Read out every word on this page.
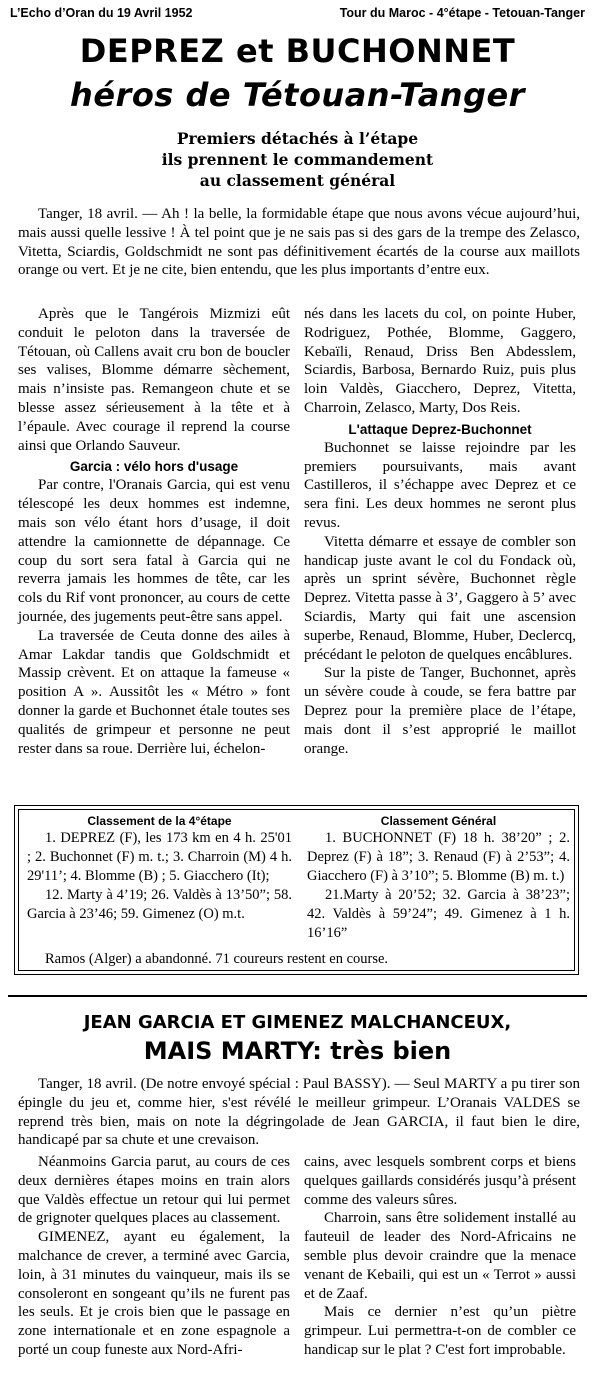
L’Echo d’Oran du 19 Avril 1952	Tour du Maroc - 4°étape - Tetouan-Tanger
DEPREZ et BUCHONNET
héros de Tétouan-Tanger
Premiers détachés à l’étape
ils prennent le commandement
au classement général

Tanger, 18 avril. — Ah ! la belle, la formidable étape que nous avons vécue aujourd’hui, mais aussi quelle lessive ! À tel point que je ne sais pas si des gars de la trempe des Zelasco, Vitetta, Sciardis, Goldschmidt ne sont pas définitivement écartés de la course aux maillots orange ou vert. Et je ne cite, bien entendu, que les plus importants d’entre eux.

Après que le Tangérois Mizmizi eût conduit le peloton dans la traversée de Tétouan, où Callens avait cru bon de boucler ses valises, Blomme démarre sèchement, mais n’insiste pas. Remangeon chute et se blesse assez sérieusement à la tête et à l’épaule. Avec courage il reprend la course ainsi que Orlando Sauveur.

Garcia : vélo hors d'usage

Par contre, l'Oranais Garcia, qui est venu télescopé les deux hommes est indemne, mais son vélo étant hors d’usage, il doit attendre la camionnette de dépannage. Ce coup du sort sera fatal à Garcia qui ne reverra jamais les hommes de tête, car les cols du Rif vont prononcer, au cours de cette journée, des jugements peut-être sans appel.

La traversée de Ceuta donne des ailes à Amar Lakdar tandis que Goldschmidt et Massip crèvent. Et on attaque la fameuse « position A ». Aussitôt les « Métro » font donner la garde et Buchonnet étale toutes ses qualités de grimpeur et personne ne peut rester dans sa roue. Derrière lui, échelon-

nés dans les lacets du col, on pointe Huber, Rodriguez, Pothée, Blomme, Gaggero, Kebaïli, Renaud, Driss Ben Abdesslem, Sciardis, Barbosa, Bernardo Ruiz, puis plus loin Valdès, Giacchero, Deprez, Vitetta, Charroin, Zelasco, Marty, Dos Reis.

L'attaque Deprez-Buchonnet

Buchonnet se laisse rejoindre par les premiers poursuivants, mais avant Castilleros, il s’échappe avec Deprez et ce sera fini. Les deux hommes ne seront plus revus.

Vitetta démarre et essaye de combler son handicap juste avant le col du Fondack où, après un sprint sévère, Buchonnet règle Deprez. Vitetta passe à 3’, Gaggero à 5’ avec Sciardis, Marty qui fait une ascension superbe, Renaud, Blomme, Huber, Declercq, précédant le peloton de quelques encâblures.

Sur la piste de Tanger, Buchonnet, après un sévère coude à coude, se fera battre par Deprez pour la première place de l’étape, mais dont il s’est approprié le maillot orange.

Classement de la 4°étape

1. DEPREZ (F), les 173 km en 4 h. 25'01 ; 2. Buchonnet (F) m. t.; 3. Charroin (M) 4 h. 29'11’; 4. Blomme (B) ; 5. Giacchero (It);

12. Marty à 4’19; 26. Valdès à 13’50”; 58. Garcia à 23’46; 59. Gimenez (O) m.t.

Classement Général

1. BUCHONNET (F) 18 h. 38’20” ; 2. Deprez (F) à 18”; 3. Renaud (F) à 2’53”; 4. Giacchero (F) à 3’10”; 5. Blomme (B) m. t.)

21.Marty à 20’52; 32. Garcia à 38’23”; 42. Valdès à 59’24”; 49. Gimenez à 1 h. 16’16”

Ramos (Alger) a abandonné. 71 coureurs restent en course.

JEAN GARCIA ET GIMENEZ MALCHANCEUX,
MAIS MARTY: très bien

Tanger, 18 avril. (De notre envoyé spécial : Paul BASSY). — Seul MARTY a pu tirer son épingle du jeu et, comme hier, s'est révélé le meilleur grimpeur. L’Oranais VALDES se reprend très bien, mais on note la dégringolade de Jean GARCIA, il faut bien le dire, handicapé par sa chute et une crevaison.

Néanmoins Garcia parut, au cours de ces deux dernières étapes moins en train alors que Valdès effectue un retour qui lui permet de grignoter quelques places au classement.

GIMENEZ, ayant eu également, la malchance de crever, a terminé avec Garcia, loin, à 31 minutes du vainqueur, mais ils se consoleront en songeant qu’ils ne furent pas les seuls. Et je crois bien que le passage en zone internationale et en zone espagnole a porté un coup funeste aux Nord-Afri-

cains, avec lesquels sombrent corps et biens quelques gaillards considérés jusqu’à présent comme des valeurs sûres.

Charroin, sans être solidement installé au fauteuil de leader des Nord-Africains ne semble plus devoir craindre que la menace venant de Kebaili, qui est un « Terrot » aussi et de Zaaf.

Mais ce dernier n’est qu’un piètre grimpeur. Lui permettra-t-on de combler ce handicap sur le plat ? C'est fort improbable.
